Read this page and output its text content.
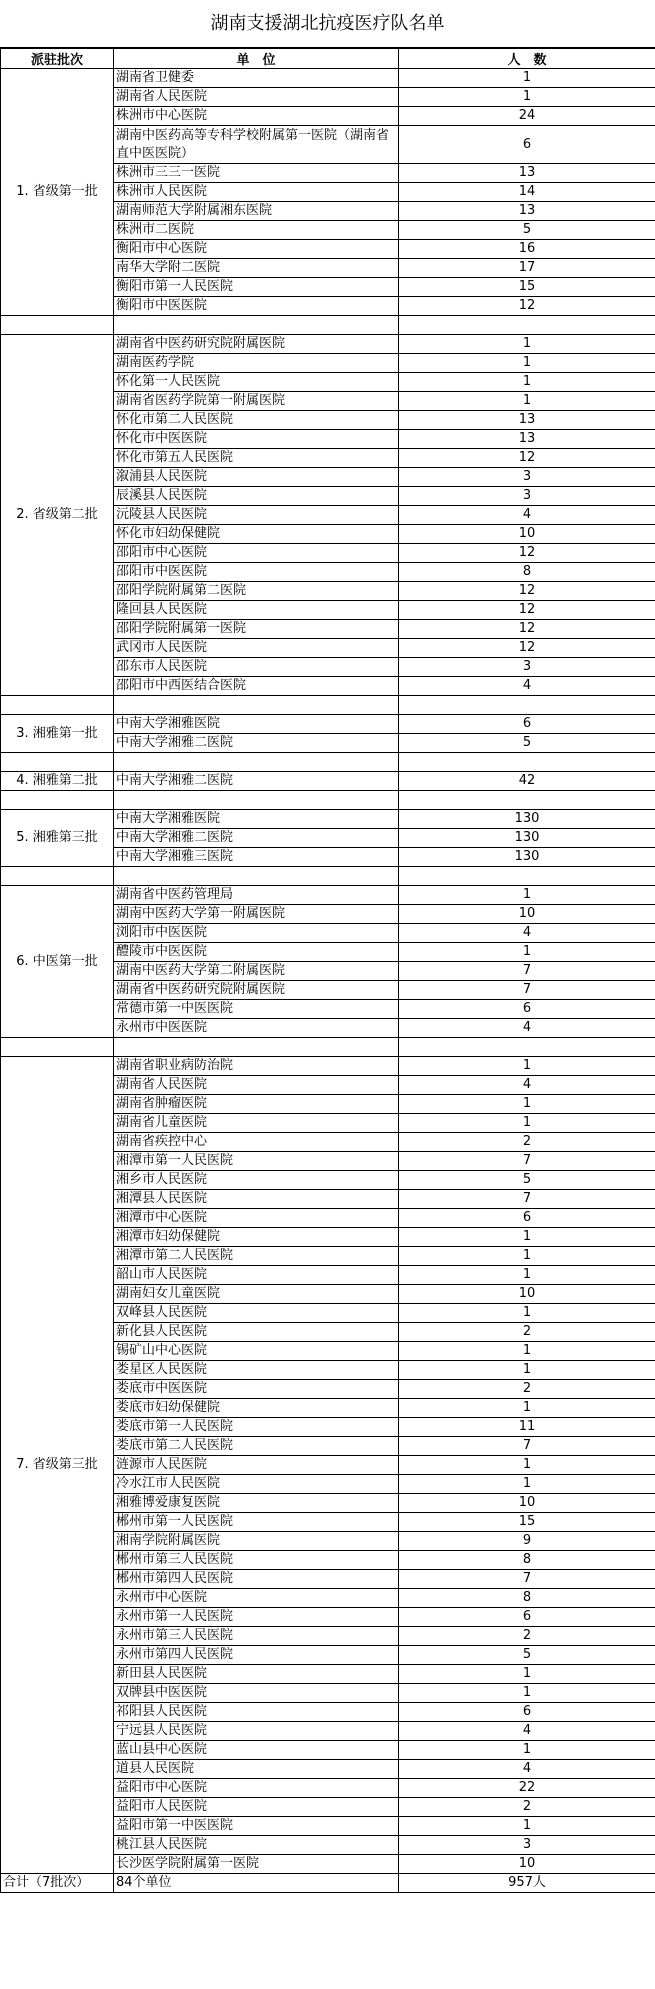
湖南支援湖北抗疫医疗队名单
派驻批次	单　位	人　数
1. 省级第一批	湖南省卫健委	1
	湖南省人民医院	1
	株洲市中心医院	24
	湖南中医药高等专科学校附属第一医院（湖南省直中医医院）	6
	株洲市三三一医院	13
	株洲市人民医院	14
	湖南师范大学附属湘东医院	13
	株洲市二医院	5
	衡阳市中心医院	16
	南华大学附二医院	17
	衡阳市第一人民医院	15
	衡阳市中医医院	12

2. 省级第二批	湖南省中医药研究院附属医院	1
	湖南医药学院	1
	怀化第一人民医院	1
	湖南省医药学院第一附属医院	1
	怀化市第二人民医院	13
	怀化市中医医院	13
	怀化市第五人民医院	12
	溆浦县人民医院	3
	辰溪县人民医院	3
	沅陵县人民医院	4
	怀化市妇幼保健院	10
	邵阳市中心医院	12
	邵阳市中医医院	8
	邵阳学院附属第二医院	12
	隆回县人民医院	12
	邵阳学院附属第一医院	12
	武冈市人民医院	12
	邵东市人民医院	3
	邵阳市中西医结合医院	4

3. 湘雅第一批	中南大学湘雅医院	6
	中南大学湘雅二医院	5

4. 湘雅第二批	中南大学湘雅二医院	42

5. 湘雅第三批	中南大学湘雅医院	130
	中南大学湘雅二医院	130
	中南大学湘雅三医院	130

6. 中医第一批	湖南省中医药管理局	1
	湖南中医药大学第一附属医院	10
	浏阳市中医医院	4
	醴陵市中医医院	1
	湖南中医药大学第二附属医院	7
	湖南省中医药研究院附属医院	7
	常德市第一中医医院	6
	永州市中医医院	4

7. 省级第三批	湖南省职业病防治院	1
	湖南省人民医院	4
	湖南省肿瘤医院	1
	湖南省儿童医院	1
	湖南省疾控中心	2
	湘潭市第一人民医院	7
	湘乡市人民医院	5
	湘潭县人民医院	7
	湘潭市中心医院	6
	湘潭市妇幼保健院	1
	湘潭市第二人民医院	1
	韶山市人民医院	1
	湖南妇女儿童医院	10
	双峰县人民医院	1
	新化县人民医院	2
	锡矿山中心医院	1
	娄星区人民医院	1
	娄底市中医医院	2
	娄底市妇幼保健院	1
	娄底市第一人民医院	11
	娄底市第二人民医院	7
	涟源市人民医院	1
	冷水江市人民医院	1
	湘雅博爱康复医院	10
	郴州市第一人民医院	15
	湘南学院附属医院	9
	郴州市第三人民医院	8
	郴州市第四人民医院	7
	永州市中心医院	8
	永州市第一人民医院	6
	永州市第三人民医院	2
	永州市第四人民医院	5
	新田县人民医院	1
	双牌县中医医院	1
	祁阳县人民医院	6
	宁远县人民医院	4
	蓝山县中心医院	1
	道县人民医院	4
	益阳市中心医院	22
	益阳市人民医院	2
	益阳市第一中医医院	1
	桃江县人民医院	3
	长沙医学院附属第一医院	10
合计（7批次）	84个单位	957人
